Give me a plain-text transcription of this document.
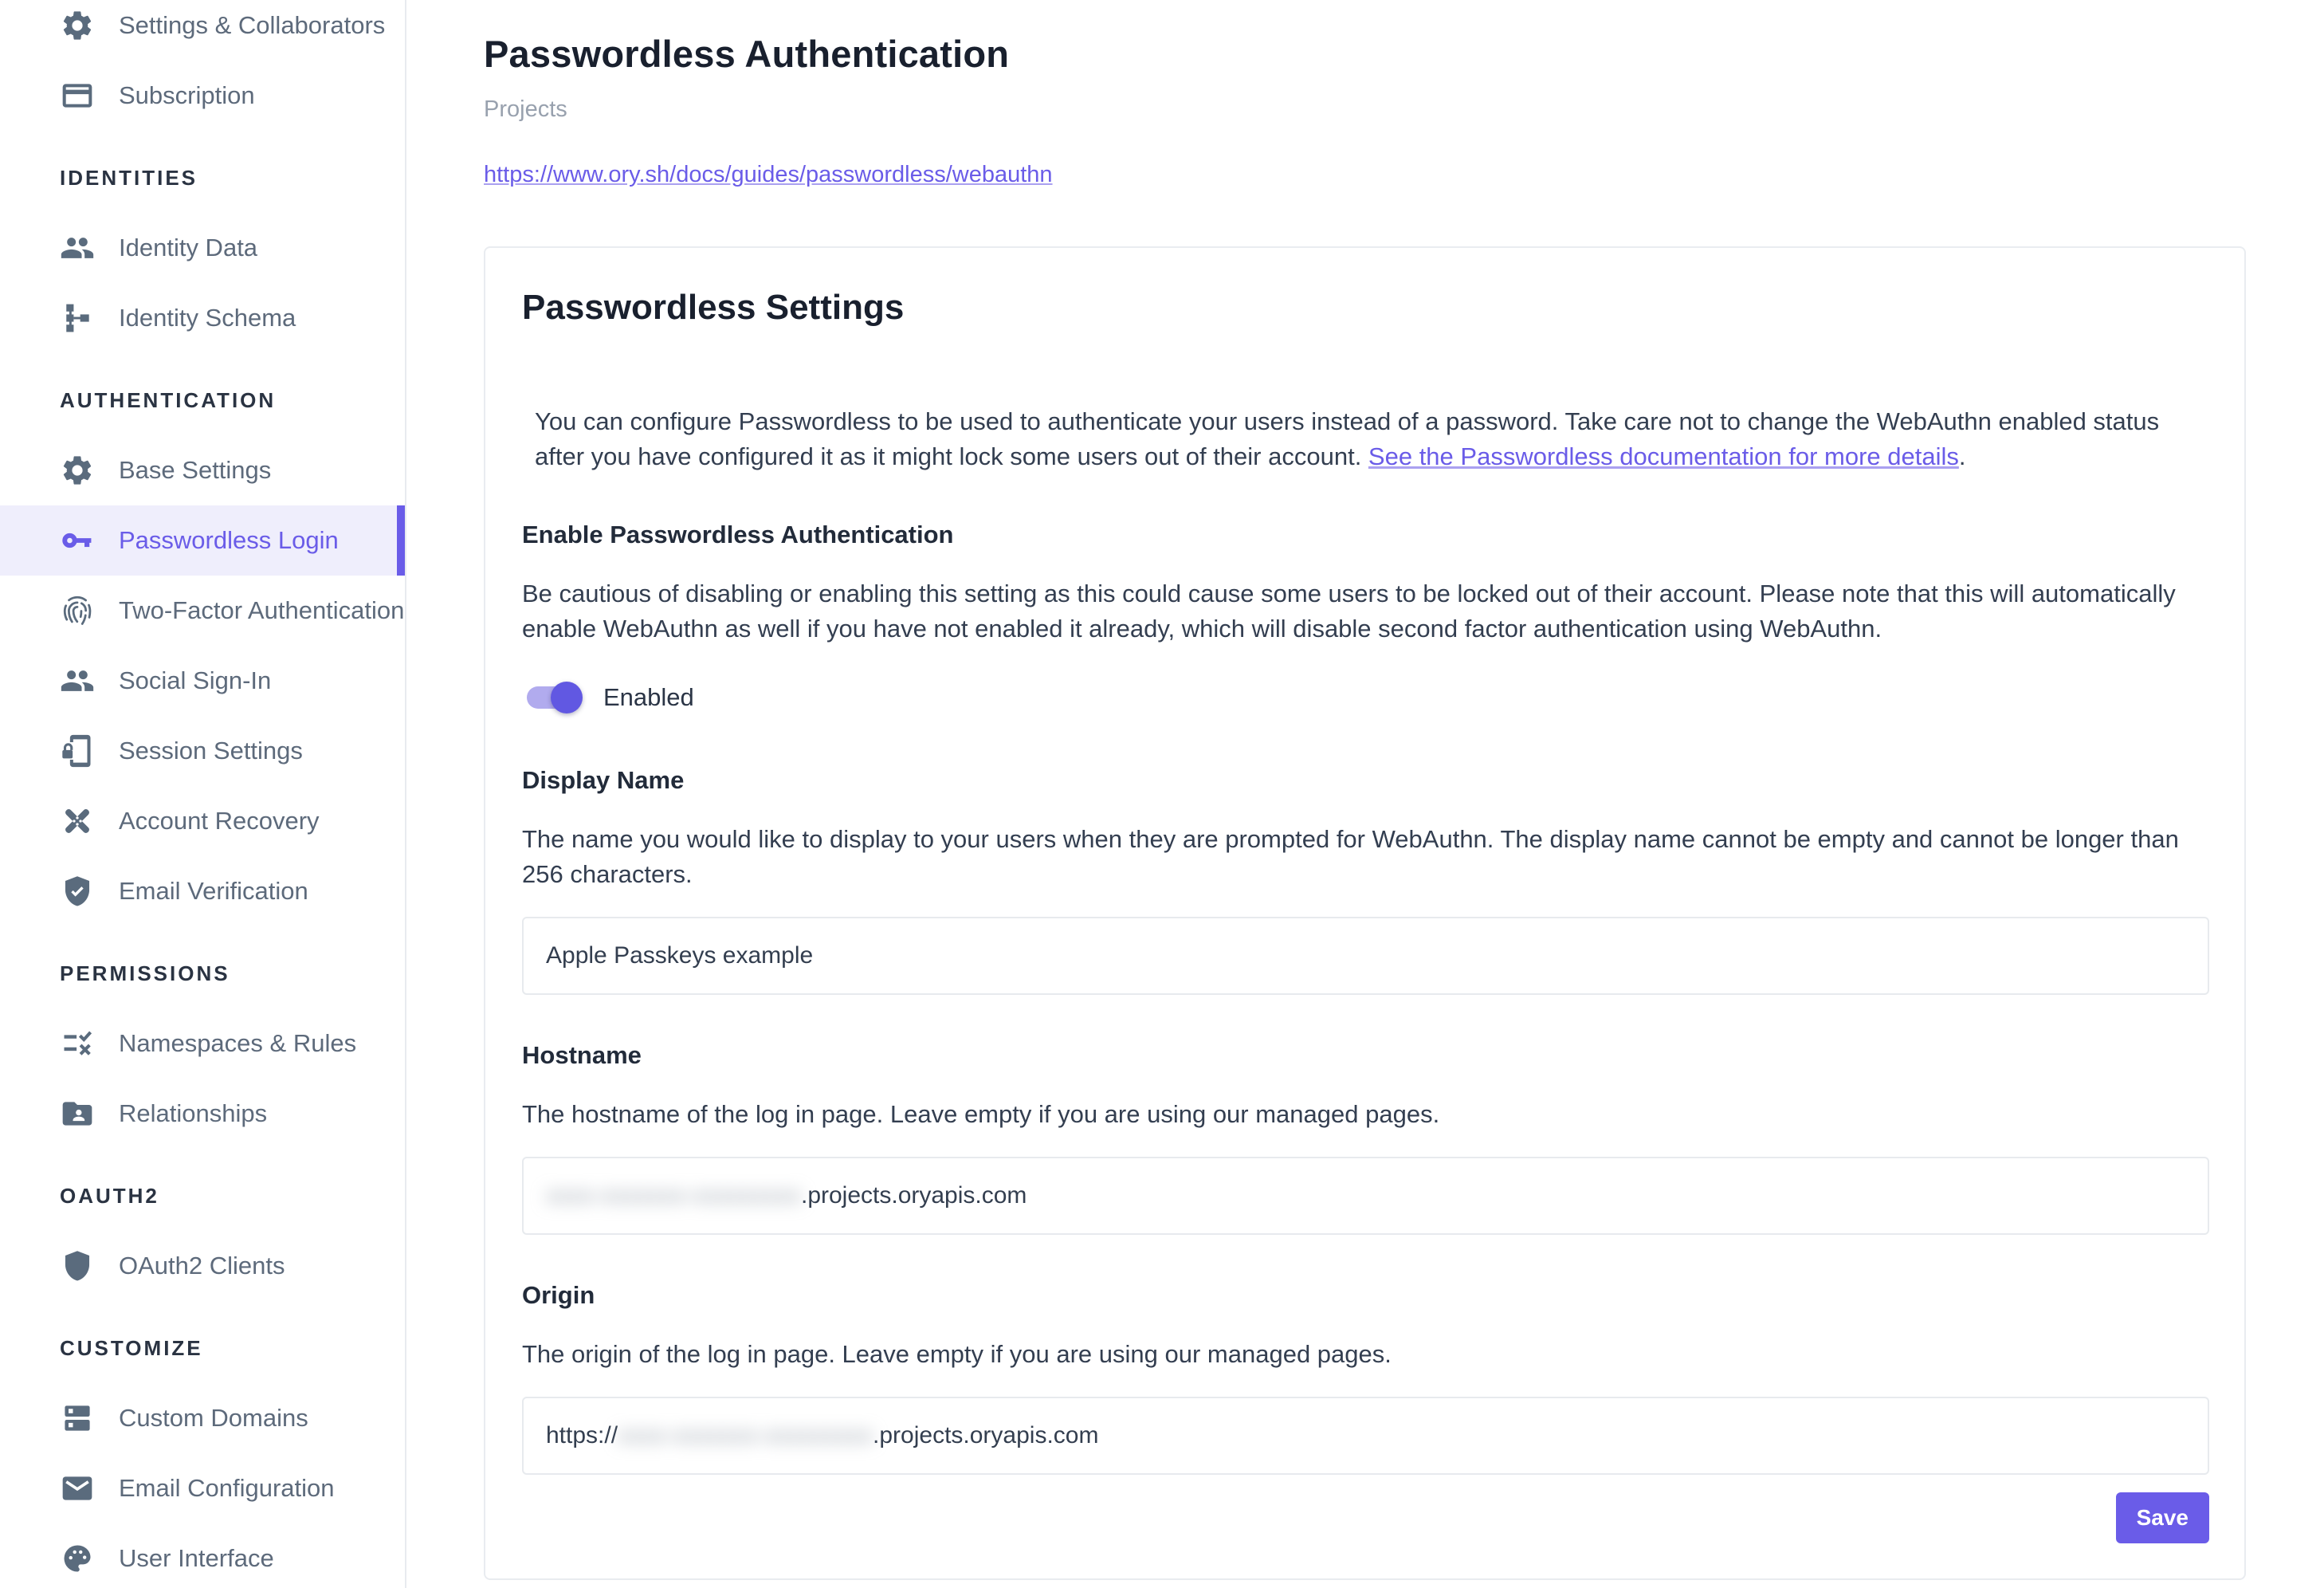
Settings & Collaborators
Subscription
IDENTITIES
Identity Data
Identity Schema
AUTHENTICATION
Base Settings
Passwordless Login
Two-Factor Authentication
Social Sign-In
Session Settings
Account Recovery
Email Verification
PERMISSIONS
Namespaces & Rules
Relationships
OAUTH2
OAuth2 Clients
CUSTOMIZE
Custom Domains
Email Configuration
User Interface
Passwordless Authentication
Projects
https://www.ory.sh/docs/guides/passwordless/webauthn
Passwordless Settings

You can configure Passwordless to be used to authenticate your users instead of a password. Take care not to change the WebAuthn enabled status after you have configured it as it might lock some users out of their account. See the Passwordless documentation for more details.

Enable Passwordless Authentication

Be cautious of disabling or enabling this setting as this could cause some users to be locked out of their account. Please note that this will automatically enable WebAuthn as well if you have not enabled it already, which will disable second factor authentication using WebAuthn.

Enabled
Display Name

The name you would like to display to your users when they are prompted for WebAuthn. The display name cannot be empty and cannot be longer than 256 characters.

Apple Passkeys example
Hostname

The hostname of the log in page. Leave empty if you are using our managed pages.

xxxx-xxxxxxx-xxxxxxxxx .projects.oryapis.com
Origin

The origin of the log in page. Leave empty if you are using our managed pages.

https:// xxxx-xxxxxxx-xxxxxxxxx .projects.oryapis.com
Save
